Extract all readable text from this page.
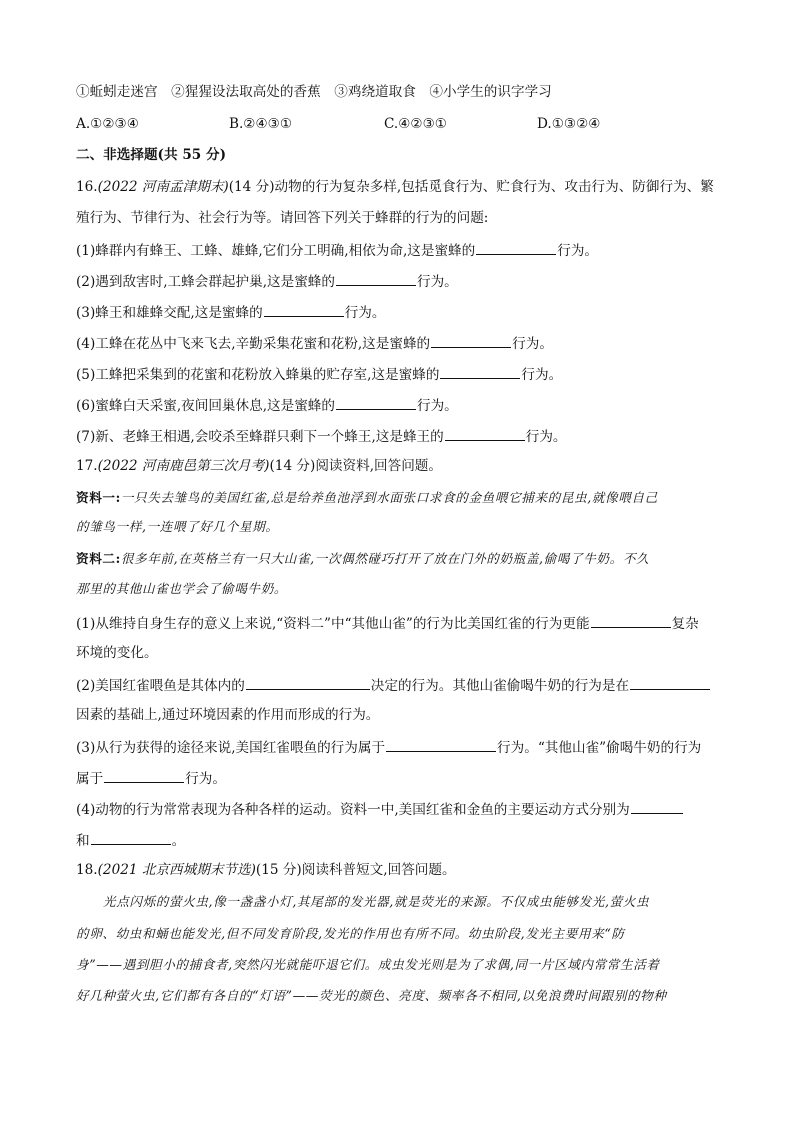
①蚯蚓走迷宫　②猩猩设法取高处的香蕉　③鸡绕道取食　④小学生的识字学习
A.①②③④	B.②④③①	C.④②③①	D.①③②④
二、非选择题(共 55 分)
16.(2022 河南孟津期末)(14 分)动物的行为复杂多样,包括觅食行为、贮食行为、攻击行为、防御行为、繁
殖行为、节律行为、社会行为等。请回答下列关于蜂群的行为的问题:
(1)蜂群内有蜂王、工蜂、雄蜂,它们分工明确,相依为命,这是蜜蜂的	行为。
(2)遇到敌害时,工蜂会群起护巢,这是蜜蜂的	行为。
(3)蜂王和雄蜂交配,这是蜜蜂的	行为。
(4)工蜂在花丛中飞来飞去,辛勤采集花蜜和花粉,这是蜜蜂的	行为。
(5)工蜂把采集到的花蜜和花粉放入蜂巢的贮存室,这是蜜蜂的	行为。
(6)蜜蜂白天采蜜,夜间回巢休息,这是蜜蜂的	行为。
(7)新、老蜂王相遇,会咬杀至蜂群只剩下一个蜂王,这是蜂王的	行为。
17.(2022 河南鹿邑第三次月考)(14 分)阅读资料,回答问题。
资料一:一只失去雏鸟的美国红雀,总是给养鱼池浮到水面张口求食的金鱼喂它捕来的昆虫,就像喂自己
的雏鸟一样,一连喂了好几个星期。
资料二:很多年前,在英格兰有一只大山雀,一次偶然碰巧打开了放在门外的奶瓶盖,偷喝了牛奶。不久
那里的其他山雀也学会了偷喝牛奶。
(1)从维持自身生存的意义上来说,“资料二”中“其他山雀”的行为比美国红雀的行为更能	复杂
环境的变化。
(2)美国红雀喂鱼是其体内的	决定的行为。其他山雀偷喝牛奶的行为是在
因素的基础上,通过环境因素的作用而形成的行为。
(3)从行为获得的途径来说,美国红雀喂鱼的行为属于	行为。“其他山雀”偷喝牛奶的行为
属于	行为。
(4)动物的行为常常表现为各种各样的运动。资料一中,美国红雀和金鱼的主要运动方式分别为
和	。
18.(2021 北京西城期末节选)(15 分)阅读科普短文,回答问题。
光点闪烁的萤火虫,像一盏盏小灯,其尾部的发光器,就是荧光的来源。不仅成虫能够发光,萤火虫
的卵、幼虫和蛹也能发光,但不同发育阶段,发光的作用也有所不同。幼虫阶段,发光主要用来“防
身”——遇到胆小的捕食者,突然闪光就能吓退它们。成虫发光则是为了求偶,同一片区域内常常生活着
好几种萤火虫,它们都有各自的“灯语”——荧光的颜色、亮度、频率各不相同,以免浪费时间跟别的物种
